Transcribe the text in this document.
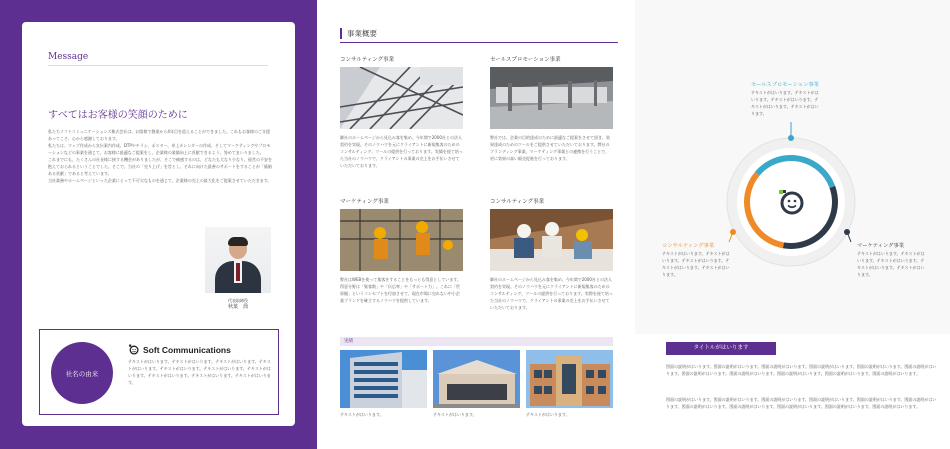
Message
すべてはお客様の笑顔のために

私たちソフトコミュニケーションズ株式会社は、お陰様で創業から4年目を迎えることができました。これもお客様のご支援あってこそ、心から感謝しております。

私たちは、ウェブ作成から宣伝案内作成、DTPやチラシ、ポスター、卓上カレンダーの作成、そしてマーケティングやプロモーションなどの事業を通じて、お客様に最適なご提案をし、企業様の業績向上に貢献できるよう、努めてまいりました。

これまでにも、たくさんの社長様に接する機会がありましたが、そこで痛感するのは、どなたも大なり小なり、経営の不安を抱えておられるということでした。そこで、当社の「売り上げ」を旨とし、それに向けた最善のサポートをすることが「価値ある貢献」であると考えています。

当社業務やホームページといった企業にとって不可欠なものを通じて、企業様の売上の最大化をご提案させていただきます。

代表取締役
秋葉　喬
社名の由来
Soft Communications
テキストがはいります。テキストがはいります。テキストがはいります。テキストがはいります。テキストがはいります。テキストがはいります。テキストがはいります。テキストがはいります。テキストがはいります。テキストがはいります。
事業概要
コンサルティング事業
御社のホームページから見込み客を集め、今年間で2000社との法人契約を実現。そのノウハウを元にクライアントに新規集客のためのコンサルティング、ツールの提供を行っております。実績を経て培った当社のノウハウで、クライアントの事業の売上をお手伝いさせていただいております。
セールスプロモーション事業
弊社では、企業の目的達成のために最適なご提案をさせて頂き、効果達成のためのツールをご提供させていただいております。弊社のブランディング事業、マーケティング事業との連携を行うことで、更に効果の高い販売促進を行っております。
マーケティング事業
弊社はWEBを使って集客をすることをもっとも得意としています。得意分野は「集客数」や「伝広率」や「サポート力」。これに「世界観」というコンセプトを付加させて、現在市場に売れない中小企業ブランドを確立するノウハウを提供しています。
コンサルティング事業
御社のホームページから見込み客を集め、今年間で2000社との法人契約を実現。そのノウハウを元にクライアントに新規集客のためのコンサルティング、ツールの提供を行っております。実際を経て培った当社のノウハウで、クライアントの事業の売上をお手伝いさせていただいております。
実績
テキストがはいります。	テキストがはいります。	テキストがはいります。
セールスプロモーション事業
テキストがはいります。テキストがはいります。テキストがはいります。テキストがはいります。テキストがはいります。
コンサルティング事業
テキストがはいります。テキストがはいります。テキストがはいります。テキストがはいります。テキストがはいります。
マーケティング事業
テキストがはいります。テキストがはいります。テキストがはいります。テキストがはいります。テキストがはいります。
タイトルがはいります
図面の説明がはいります。図面の説明がはいります。図面の説明がはいります。図面の説明がはいります。図面の説明がはいります。図面の説明がはいります。図面の説明がはいります。図面の説明がはいります。図面の説明がはいります。図面の説明がはいります。図面の説明がはいります。
図面の説明がはいります。図面の説明がはいります。図面の説明がはいります。図面の説明がはいります。図面の説明がはいります。図面の説明がはいります。図面の説明がはいります。図面の説明がはいります。図面の説明がはいります。図面の説明がはいります。図面の説明がはいります。
